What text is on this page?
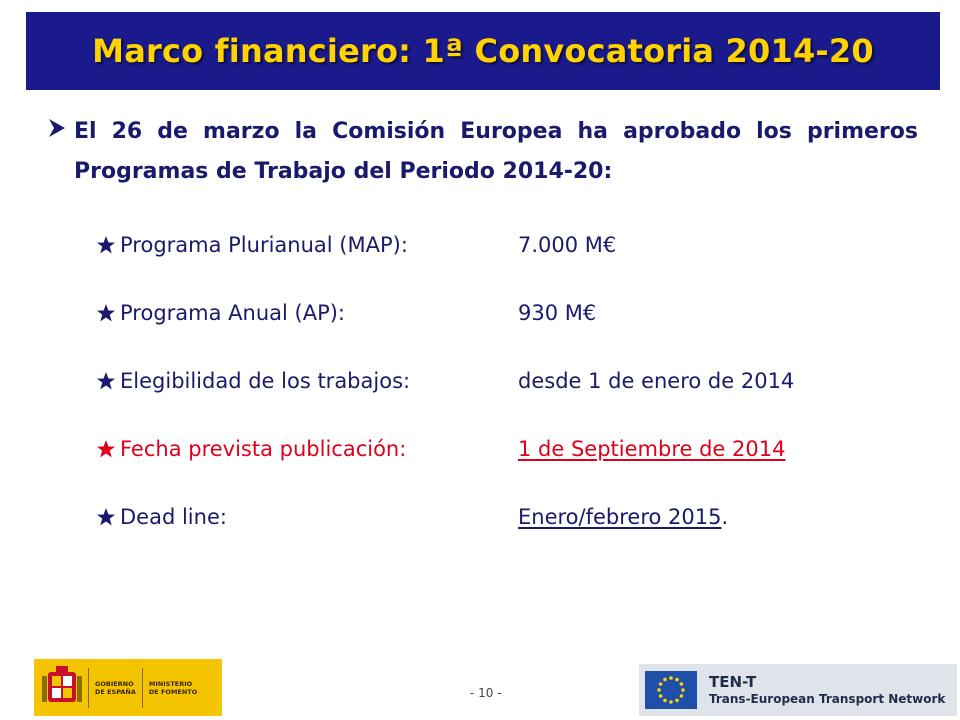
Marco financiero: 1ª Convocatoria 2014-20
El 26 de marzo la Comisión Europea ha aprobado los primeros Programas de Trabajo del Periodo 2014-20:
Programa Plurianual (MAP):	7.000 M€
Programa Anual (AP):	930 M€
Elegibilidad de los trabajos:	desde 1 de enero de 2014
Fecha prevista publicación:	1 de Septiembre de 2014
Dead line:	Enero/febrero 2015.
GOBIERNO
DE ESPAÑA
MINISTERIO
DE FOMENTO	- 10 -
TEN-T
Trans-European Transport Network
